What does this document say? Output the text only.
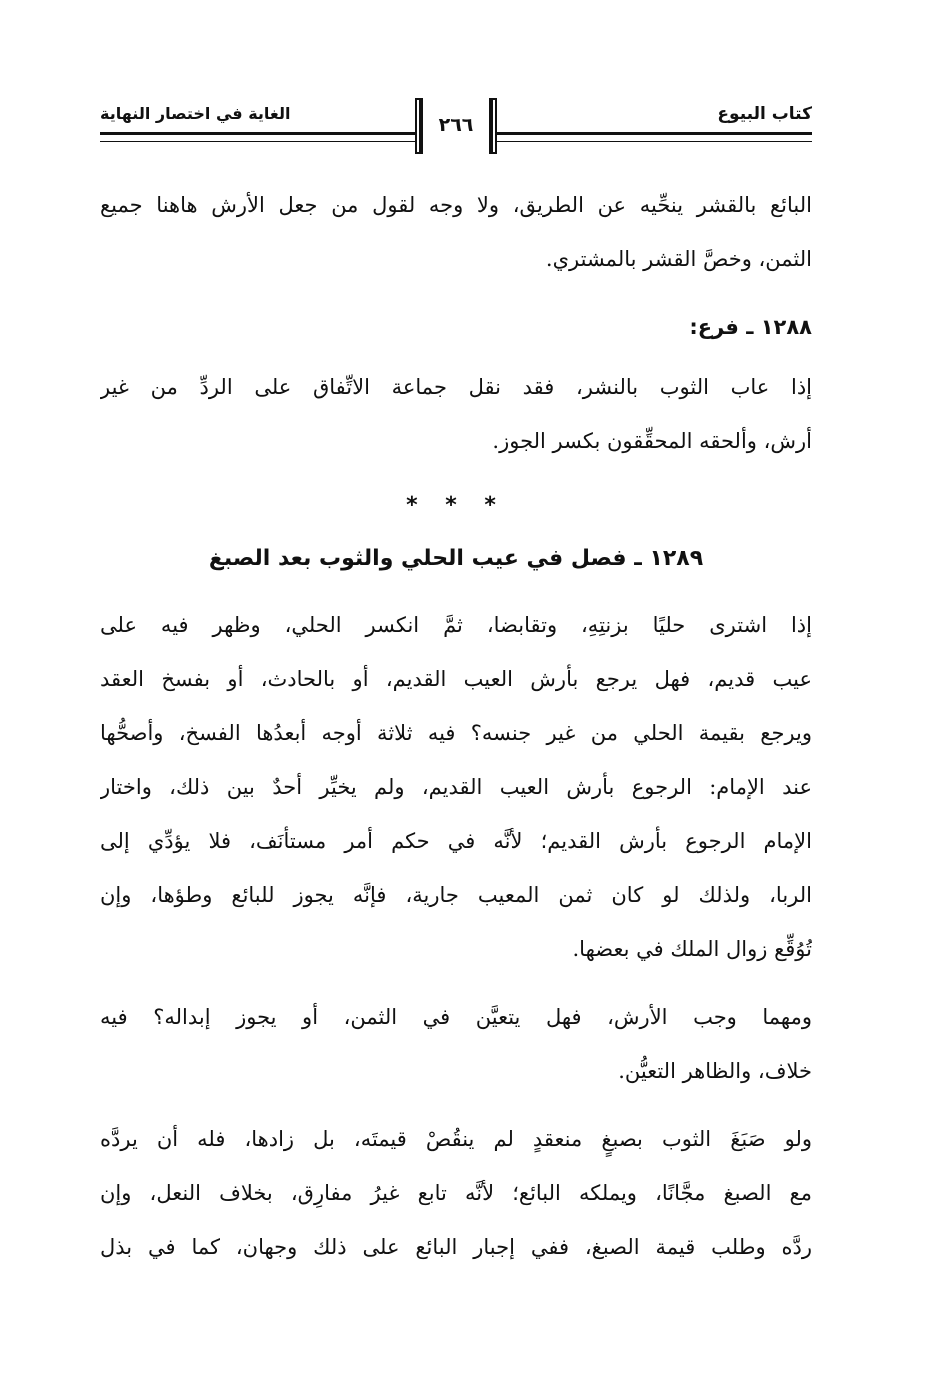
كتاب البيوع
الغاية في اختصار النهاية
٢٦٦

البائع بالقشر ينحِّيه عن الطريق، ولا وجه لقول من جعل الأرش هاهنا جميع
الثمن، وخصَّ القشر بالمشتري.

١٢٨٨ ـ فرع:

إذا عاب الثوب بالنشر، فقد نقل جماعة الاتِّفاق على الردِّ من غير
أرش، وألحقه المحقِّقون بكسر الجوز.

* * *
١٢٨٩ ـ فصل في عيب الحلي والثوب بعد الصبغ

إذا اشترى حليًا بزنتِهِ، وتقابضا، ثمَّ انكسر الحلي، وظهر فيه على
عيب قديم، فهل يرجع بأرش العيب القديم، أو بالحادث، أو بفسخ العقد
ويرجع بقيمة الحلي من غير جنسه؟ فيه ثلاثة أوجه أبعدُها الفسخ، وأصحُّها
عند الإمام: الرجوع بأرش العيب القديم، ولم يخيِّر أحدٌ بين ذلك، واختار
الإمام الرجوع بأرش القديم؛ لأنَّه في حكم أمر مستأنَف، فلا يؤدِّي إلى
الربا، ولذلك لو كان ثمن المعيب جارية، فإنَّه يجوز للبائع وطؤها، وإن
تُوُقِّع زوال الملك في بعضها.

ومهما وجب الأرش، فهل يتعيَّن في الثمن، أو يجوز إبداله؟ فيه
خلاف، والظاهر التعيُّن.

ولو صَبَغَ الثوب بصبغٍ منعقدٍ لم ينقُصْ قيمتَه، بل زادها، فله أن يردَّه
مع الصبغ مجَّانًا، ويملكه البائع؛ لأنَّه تابع غيرُ مفارِق، بخلاف النعل، وإن
ردَّه وطلب قيمة الصبغ، ففي إجبار البائع على ذلك وجهان، كما في بذل
